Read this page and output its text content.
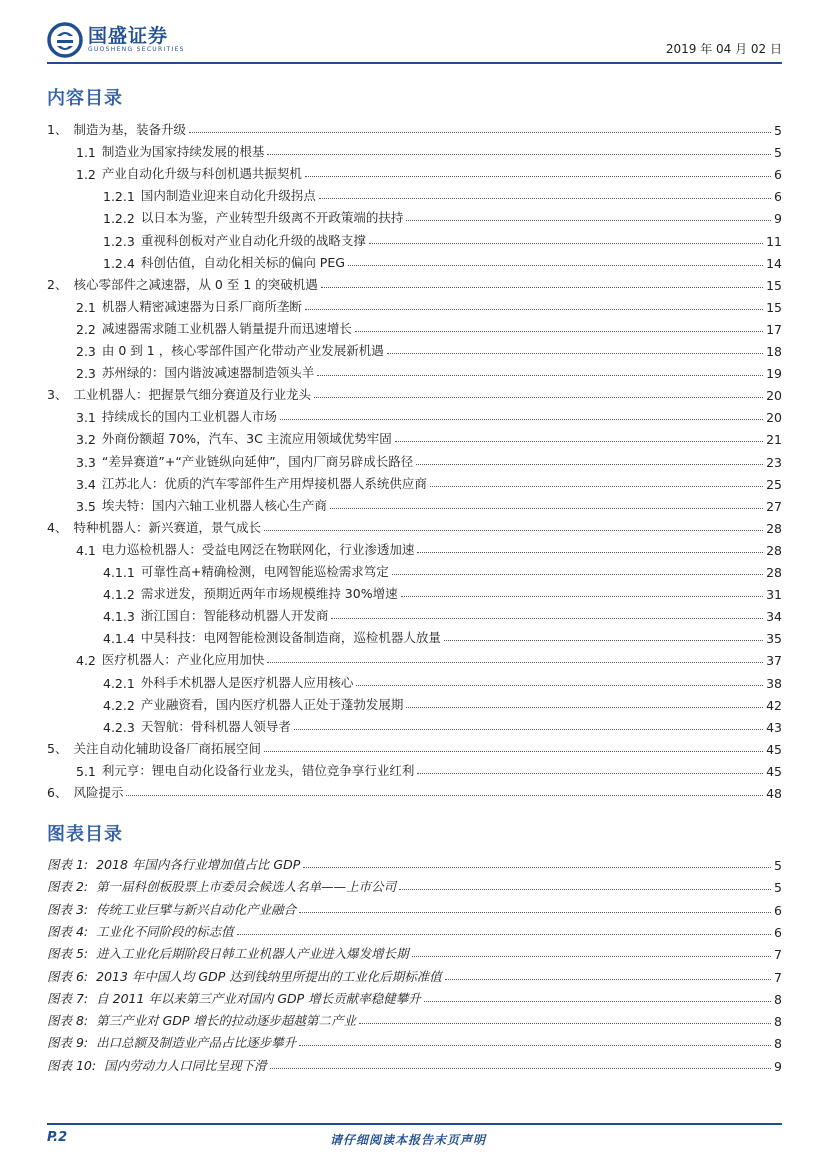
国盛证券
GUOSHENG SECURITIES	2019 年 04 月 02 日
内容目录
1、 制造为基，装备升级	5
1.1 制造业为国家持续发展的根基	5
1.2 产业自动化升级与科创机遇共振契机	6
1.2.1 国内制造业迎来自动化升级拐点	6
1.2.2 以日本为鉴，产业转型升级离不开政策端的扶持	9
1.2.3 重视科创板对产业自动化升级的战略支撑	11
1.2.4 科创估值，自动化相关标的偏向 PEG	14
2、 核心零部件之减速器，从 0 至 1 的突破机遇	15
2.1 机器人精密减速器为日系厂商所垄断	15
2.2 减速器需求随工业机器人销量提升而迅速增长	17
2.3 由 0 到 1 ，核心零部件国产化带动产业发展新机遇	18
2.3 苏州绿的：国内谐波减速器制造领头羊	19
3、 工业机器人：把握景气细分赛道及行业龙头	20
3.1 持续成长的国内工业机器人市场	20
3.2 外商份额超 70%，汽车、3C 主流应用领域优势牢固	21
3.3 “差异赛道”+“产业链纵向延伸”，国内厂商另辟成长路径	23
3.4 江苏北人：优质的汽车零部件生产用焊接机器人系统供应商	25
3.5 埃夫特：国内六轴工业机器人核心生产商	27
4、 特种机器人：新兴赛道，景气成长	28
4.1 电力巡检机器人：受益电网泛在物联网化，行业渗透加速	28
4.1.1 可靠性高+精确检测，电网智能巡检需求笃定	28
4.1.2 需求迸发，预期近两年市场规模维持 30%增速	31
4.1.3 浙江国自：智能移动机器人开发商	34
4.1.4 中昊科技：电网智能检测设备制造商，巡检机器人放量	35
4.2 医疗机器人：产业化应用加快	37
4.2.1 外科手术机器人是医疗机器人应用核心	38
4.2.2 产业融资看，国内医疗机器人正处于蓬勃发展期	42
4.2.3 天智航：骨科机器人领导者	43
5、 关注自动化辅助设备厂商拓展空间	45
5.1 利元亨：锂电自动化设备行业龙头，错位竞争享行业红利	45
6、 风险提示	48
图表目录
图表 1: 2018 年国内各行业增加值占比 GDP	5
图表 2: 第一届科创板股票上市委员会候选人名单——上市公司	5
图表 3: 传统工业巨擘与新兴自动化产业融合	6
图表 4: 工业化不同阶段的标志值	6
图表 5: 进入工业化后期阶段日韩工业机器人产业进入爆发增长期	7
图表 6: 2013 年中国人均 GDP 达到钱纳里所提出的工业化后期标准值	7
图表 7: 自 2011 年以来第三产业对国内 GDP 增长贡献率稳健攀升	8
图表 8: 第三产业对 GDP 增长的拉动逐步超越第二产业	8
图表 9: 出口总额及制造业产品占比逐步攀升	8
图表 10: 国内劳动力人口同比呈现下滑	9
P.2	请仔细阅读本报告末页声明
